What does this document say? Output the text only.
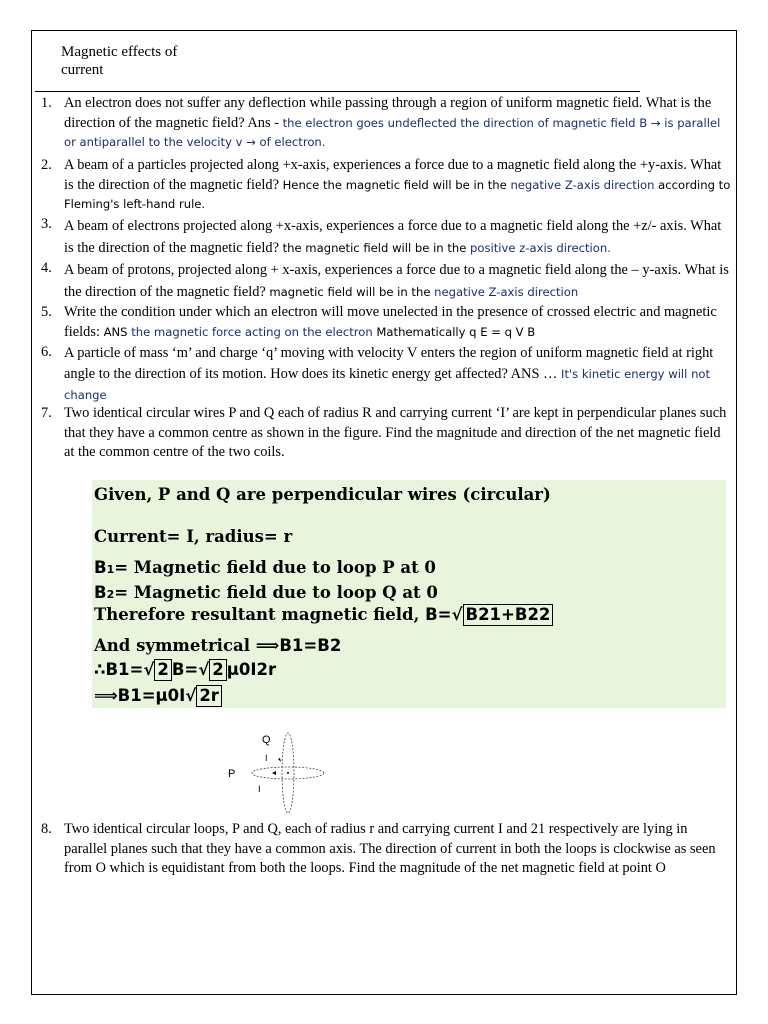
Magnetic effects of
current
1. An electron does not suffer any deflection while passing through a region of uniform magnetic field. What is the direction of the magnetic field? Ans - the electron goes undeflected the direction of magnetic field B → is parallel or antiparallel to the velocity v → of electron.
2. A beam of a particles projected along +x-axis, experiences a force due to a magnetic field along the +y-axis. What is the direction of the magnetic field? Hence the magnetic field will be in the negative Z-axis direction according to Fleming's left-hand rule.
3. A beam of electrons projected along +x-axis, experiences a force due to a magnetic field along the +z/- axis. What is the direction of the magnetic field? the magnetic field will be in the positive z-axis direction.
4. A beam of protons, projected along + x-axis, experiences a force due to a magnetic field along the – y-axis. What is the direction of the magnetic field? magnetic field will be in the negative Z-axis direction
5. Write the condition under which an electron will move unelected in the presence of crossed electric and magnetic fields: ANS the magnetic force acting on the electron Mathematically q E = q V B
6. A particle of mass ‘m’ and charge ‘q’ moving with velocity V enters the region of uniform magnetic field at right angle to the direction of its motion. How does its kinetic energy get affected? ANS … It's kinetic energy will not change
7. Two identical circular wires P and Q each of radius R and carrying current ‘I’ are kept in perpendicular planes such that they have a common centre as shown in the figure. Find the magnitude and direction of the net magnetic field at the common centre of the two coils.
Given, P and Q are perpendicular wires (circular)
Current= I, radius= r
B1= Magnetic field due to loop P at 0
B2= Magnetic field due to loop Q at 0
Therefore resultant magnetic field, B=√ B21+B22
And symmetrical ⟹B1=B2
∴B1=√ 2 B=√ 2 μ0I2r
⟹B1=μ0I√ 2r
Q
P
I
I
8. Two identical circular loops, P and Q, each of radius r and carrying current I and 21 respectively are lying in parallel planes such that they have a common axis. The direction of current in both the loops is clockwise as seen from O which is equidistant from both the loops. Find the magnitude of the net magnetic field at point O
